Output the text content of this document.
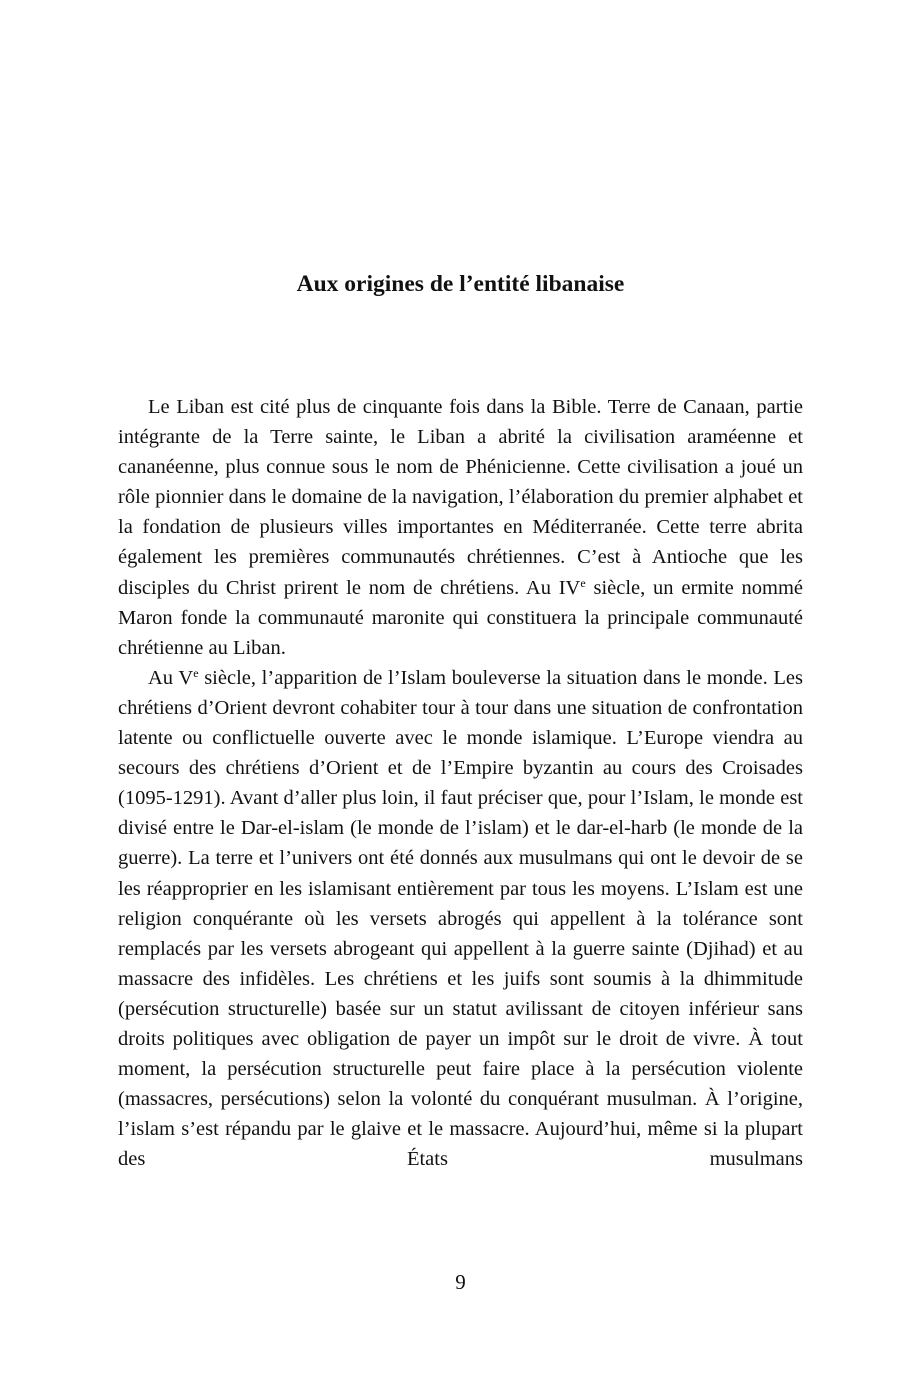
Aux origines de l’entité libanaise

Le Liban est cité plus de cinquante fois dans la Bible. Terre de Canaan, partie intégrante de la Terre sainte, le Liban a abrité la civilisation araméenne et cananéenne, plus connue sous le nom de Phénicienne. Cette civilisation a joué un rôle pionnier dans le domaine de la navigation, l’élaboration du premier alphabet et la fondation de plusieurs villes importantes en Méditerranée. Cette terre abrita également les premières communautés chrétiennes. C’est à Antioche que les disciples du Christ prirent le nom de chrétiens. Au IVe siècle, un ermite nommé Maron fonde la communauté maronite qui constituera la principale communauté chrétienne au Liban.

Au Ve siècle, l’apparition de l’Islam bouleverse la situation dans le monde. Les chrétiens d’Orient devront cohabiter tour à tour dans une situation de confrontation latente ou conflictuelle ouverte avec le monde islamique. L’Europe viendra au secours des chrétiens d’Orient et de l’Empire byzantin au cours des Croisades (1095-1291). Avant d’aller plus loin, il faut préciser que, pour l’Islam, le monde est divisé entre le Dar-el-islam (le monde de l’islam) et le dar-el-harb (le monde de la guerre). La terre et l’univers ont été donnés aux musulmans qui ont le devoir de se les réapproprier en les islamisant entièrement par tous les moyens. L’Islam est une religion conquérante où les versets abrogés qui appellent à la tolérance sont remplacés par les versets abrogeant qui appellent à la guerre sainte (Djihad) et au massacre des infidèles. Les chrétiens et les juifs sont soumis à la dhimmitude (persécution structurelle) basée sur un statut avilissant de citoyen inférieur sans droits politiques avec obligation de payer un impôt sur le droit de vivre. À tout moment, la persécution structurelle peut faire place à la persécution violente (massacres, persécutions) selon la volonté du conquérant musulman. À l’origine, l’islam s’est répandu par le glaive et le massacre. Aujourd’hui, même si la plupart des États musulmans

9
